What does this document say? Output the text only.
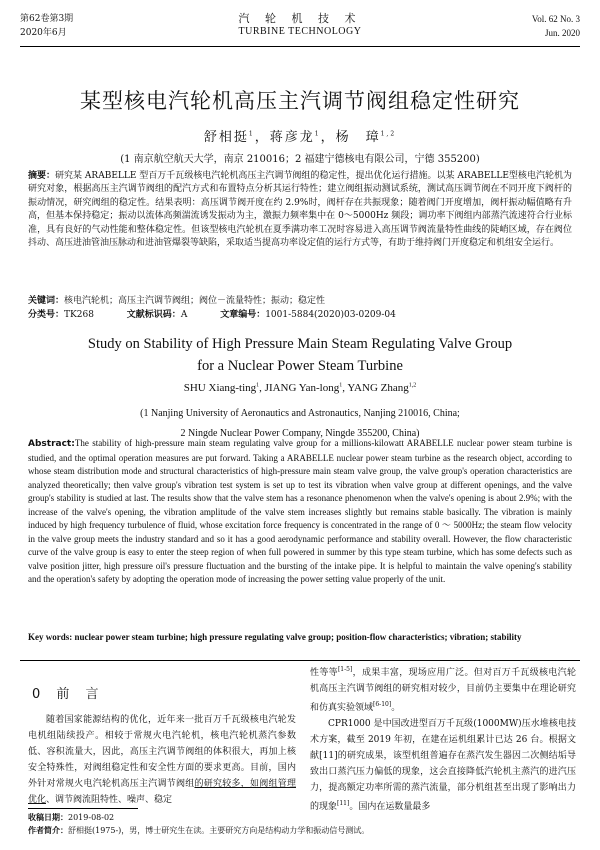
第62卷第3期
2020年6月
汽 轮 机 技 术
TURBINE TECHNOLOGY
Vol. 62 No. 3
Jun. 2020
某型核电汽轮机高压主汽调节阀组稳定性研究
舒相挺$^1$，蒋彦龙$^1$，杨　璋$^{1,2}$
(1 南京航空航天大学，南京 210016；2 福建宁德核电有限公司，宁德 355200)
摘要：研究某 ARABELLE 型百万千瓦级核电汽轮机高压主汽调节阀组的稳定性，提出优化运行措施。以某 ARABELLE型核电汽轮机为研究对象，根据高压主汽调节阀组的配汽方式和布置特点分析其运行特性；建立阀组振动测试系统，测试高压调节阀在不同开度下阀杆的振动情况，研究阀组的稳定性。结果表明：高压调节阀开度在约 2.9%时，阀杆存在共振现象；随着阀门开度增加，阀杆振动幅值略有升高，但基本保持稳定；振动以流体高频湍流诱发振动为主，激振力频率集中在 0～5000Hz 频段；调功率下阀组内部蒸汽流速符合行业标准，具有良好的气动性能和整体稳定性。但该型核电汽轮机在夏季满功率工况时容易进入高压调节阀流量特性曲线的陡峭区域，存在阀位抖动、高压进油管油压脉动和进油管爆裂等缺陷，采取适当提高功率设定值的运行方式等，有助于维持阀门开度稳定和机组安全运行。
关键词：核电汽轮机；高压主汽调节阀组；阀位－流量特性；振动；稳定性
分类号：TK268	文献标识码：A	文章编号：1001-5884(2020)03-0209-04
Study on Stability of High Pressure Main Steam Regulating Valve Group
for a Nuclear Power Steam Turbine
SHU Xiang-ting$^1$, JIANG Yan-long$^1$, YANG Zhang$^{1,2}$
(1 Nanjing University of Aeronautics and Astronautics, Nanjing 210016, China;
2 Ningde Nuclear Power Company, Ningde 355200, China)
Abstract:The stability of high-pressure main steam regulating valve group for a millions-kilowatt ARABELLE nuclear power steam turbine is studied, and the optimal operation measures are put forward. Taking a ARABELLE nuclear power steam turbine as the research object, according to whose steam distribution mode and structural characteristics of high-pressure main steam valve group, the valve group's operation characteristics are analyzed theoretically; then valve group's vibration test system is set up to test its vibration when valve group at different openings, and the valve group's stability is studied at last. The results show that the valve stem has a resonance phenomenon when the valve's opening is about 2.9%; with the increase of the valve's opening, the vibration amplitude of the valve stem increases slightly but remains stable basically. The vibration is mainly induced by high frequency turbulence of fluid, whose excitation force frequency is concentrated in the range of 0 ～ 5000Hz; the steam flow velocity in the valve group meets the industry standard and so it has a good aerodynamic performance and stability overall. However, the flow characteristic curve of the valve group is easy to enter the steep region of when full powered in summer by this type steam turbine, which has some defects such as valve position jitter, high pressure oil's pressure fluctuation and the bursting of the intake pipe. It is helpful to maintain the valve opening's stability and the operation's safety by adopting the operation mode of increasing the power setting value properly of the unit.
Key words: nuclear power steam turbine; high pressure regulating valve group; position-flow characteristics; vibration; stability
0 前 言

随着国家能源结构的优化，近年来一批百万千瓦级核电汽轮发电机组陆续投产。相较于常规火电汽轮机，核电汽轮机蒸汽参数低、容积流量大，因此，高压主汽调节阀组的体积很大，再加上核安全特殊性，对阀组稳定性和安全性方面的要求更高。目前，国内外针对常规火电汽轮机高压主汽调节阀组的研究较多，如阀组管理优化、调节阀流阻特性、噪声、稳定

性等等[1-5]，成果丰富，现场应用广泛。但对百万千瓦级核电汽轮机高压主汽调节阀组的研究相对较少，目前仍主要集中在理论研究和仿真实验领域[6-10]。

CPR1000 是中国改进型百万千瓦级(1000MW)压水堆核电技术方案，截至 2019 年初，在建在运机组累计已达 26 台。根据文献[11]的研究成果，该型机组普遍存在蒸汽发生器因二次侧结垢导致出口蒸汽压力偏低的现象，这会直接降低汽轮机主蒸汽的进汽压力，提高额定功率所需的蒸汽流量，部分机组甚至出现了影响出力的现象[11]。国内在运数量最多

收稿日期：2019-08-02
作者简介：舒相挺(1975-)，男，博士研究生在读。主要研究方向是结构动力学和振动信号测试。
